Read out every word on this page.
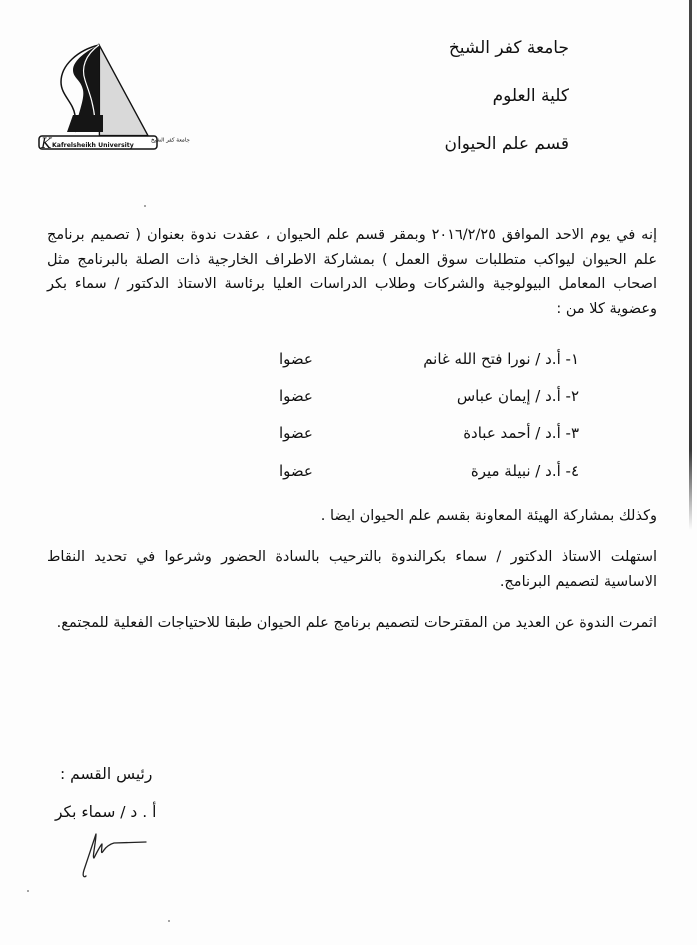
K Kafrelsheikh University
جامعة كفر الشيخ
جامعة كفر الشيخ
كلية العلوم
قسم علم الحيوان
إنه في يوم الاحد الموافق ٢٠١٦/٢/٢٥ وبمقر قسم علم الحيوان ، عقدت ندوة بعنوان ( تصميم برنامج علم الحيوان ليواكب متطلبات سوق العمل ) بمشاركة الاطراف الخارجية ذات الصلة بالبرنامج مثل اصحاب المعامل البيولوجية والشركات وطلاب الدراسات العليا برئاسة الاستاذ الدكتور / سماء بكر وعضوية كلا من :
١- أ.د / نورا فتح الله غانم
عضوا
٢- أ.د / إيمان عباس
عضوا
٣- أ.د / أحمد عبادة
عضوا
٤- أ.د / نبيلة ميرة
عضوا
وكذلك بمشاركة الهيئة المعاونة بقسم علم الحيوان ايضا .
استهلت الاستاذ الدكتور / سماء بكرالندوة بالترحيب بالسادة الحضور وشرعوا في تحديد النقاط الاساسية لتصميم البرنامج.
اثمرت الندوة عن العديد من المقترحات لتصميم برنامج علم الحيوان طبقا للاحتياجات الفعلية للمجتمع.
رئيس القسم :
أ . د / سماء بكر
